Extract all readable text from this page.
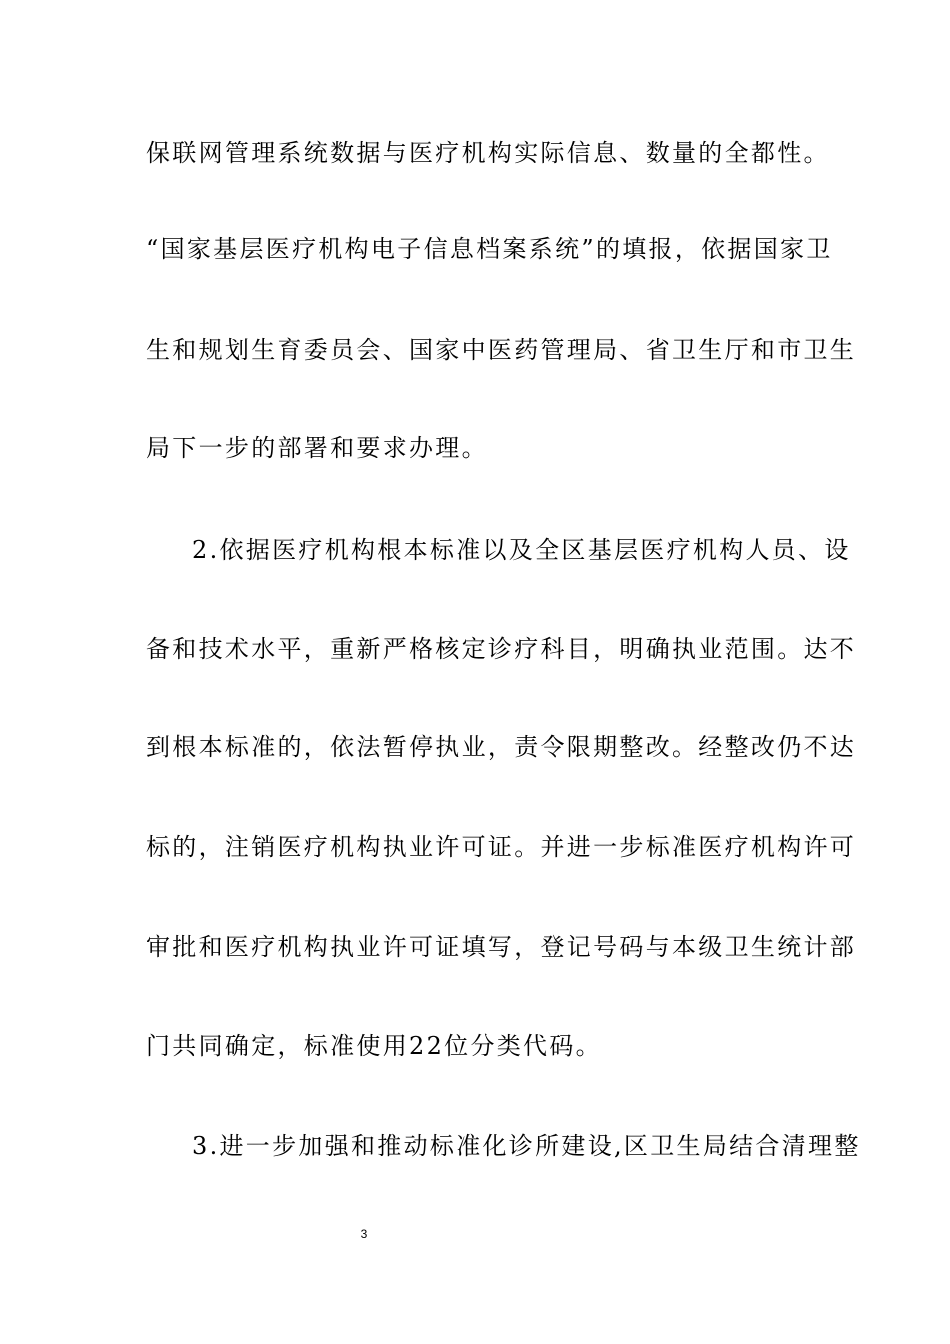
保联网管理系统数据与医疗机构实际信息、数量的全都性。
“国家基层医疗机构电子信息档案系统”的填报，依据国家卫
生和规划生育委员会、国家中医药管理局、省卫生厅和市卫生
局下一步的部署和要求办理。
2.依据医疗机构根本标准以及全区基层医疗机构人员、设
备和技术水平，重新严格核定诊疗科目，明确执业范围。达不
到根本标准的，依法暂停执业，责令限期整改。经整改仍不达
标的，注销医疗机构执业许可证。并进一步标准医疗机构许可
审批和医疗机构执业许可证填写，登记号码与本级卫生统计部
门共同确定，标准使用22位分类代码。
3.进一步加强和推动标准化诊所建设,区卫生局结合清理整
3
